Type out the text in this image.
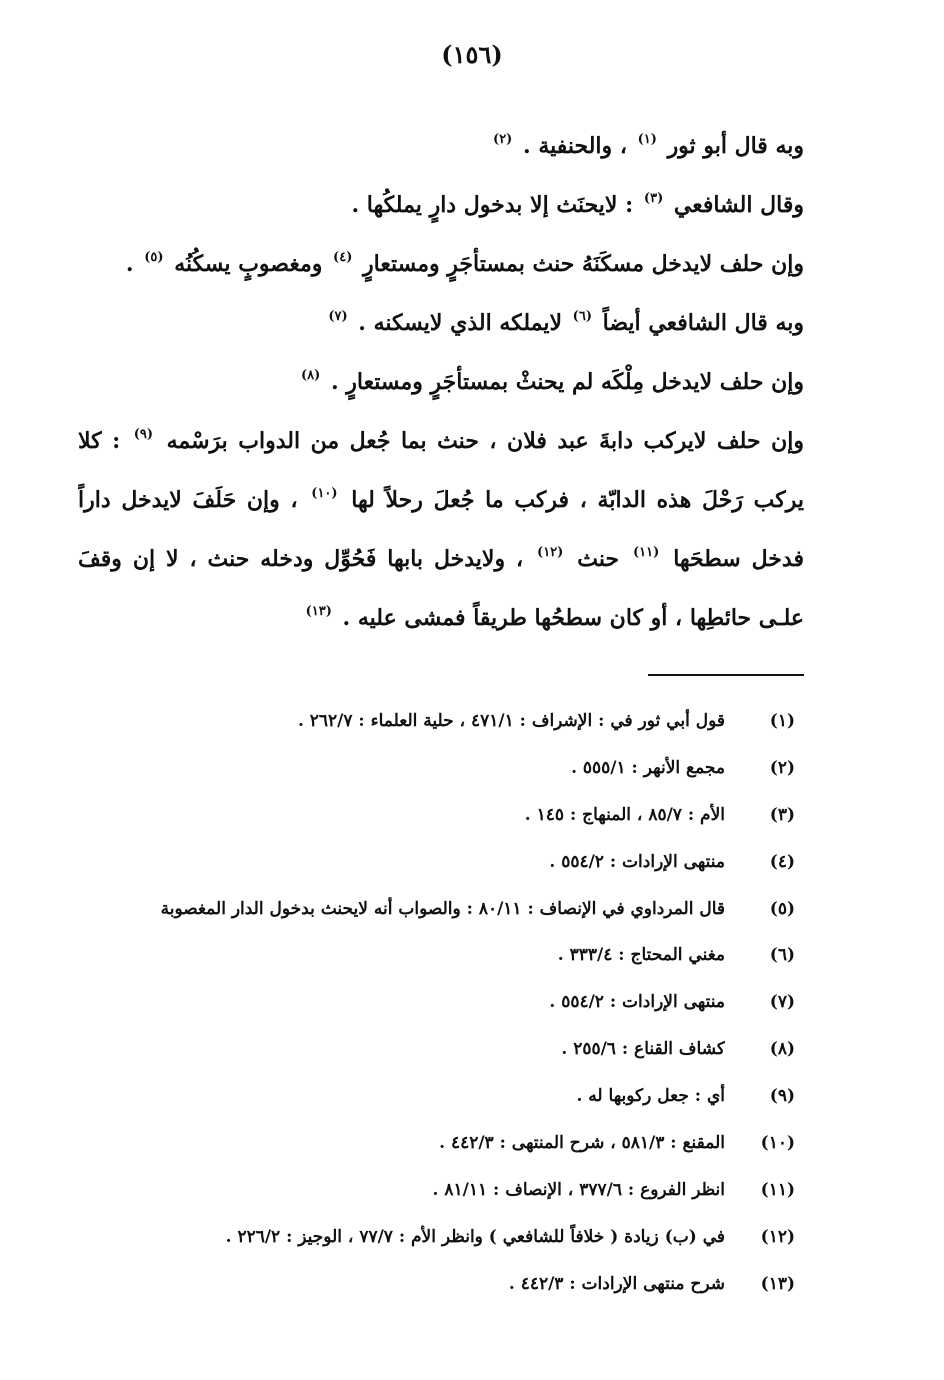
(١٥٦)
وبه قال أبو ثور $^{(١)}$ ، والحنفية . $^{(٢)}$
وقال الشافعي $^{(٣)}$ : لايحنَث إلا بدخول دارٍ يملكُها .
وإن حلف لايدخل مسكَنَهُ حنث بمستأجَرٍ ومستعارٍ $^{(٤)}$ ومغصوبٍ يسكُنُه $^{(٥)}$ .
وبه قال الشافعي أيضاً $^{(٦)}$ لايملكه الذي لايسكنه . $^{(٧)}$
وإن حلف لايدخل مِلْكَه لم يحنثْ بمستأجَرٍ ومستعارٍ . $^{(٨)}$
وإن حلف لايركب دابةَ عبد فلان ، حنث بما جُعل من الدواب برَسْمه $^{(٩)}$ : كلا
يركب رَحْلَ هذه الدابّة ، فركب ما جُعلَ رحلاً لها $^{(١٠)}$ ، وإن حَلَفَ لايدخل داراً
فدخل سطحَها $^{(١١)}$ حنث $^{(١٢)}$ ، ولايدخل بابها فَحُوِّل ودخله حنث ، لا إن وقفَ
علـى حائطِها ، أو كان سطحُها طريقاً فمشى عليه . $^{(١٣)}$
(١)
قول أبي ثور في : الإشراف : ٤٧١/١ ، حلية العلماء : ٢٦٢/٧ .
(٢)
مجمع الأنهر : ٥٥٥/١ .
(٣)
الأم : ٨٥/٧ ، المنهاج : ١٤٥ .
(٤)
منتهى الإرادات : ٥٥٤/٢ .
(٥)
قال المرداوي في الإنصاف : ٨٠/١١ : والصواب أنه لايحنث بدخول الدار المغصوبة
(٦)
مغني المحتاج : ٣٣٣/٤ .
(٧)
منتهى الإرادات : ٥٥٤/٢ .
(٨)
كشاف القناع : ٢٥٥/٦ .
(٩)
أي : جعل ركوبها له .
(١٠)
المقنع : ٥٨١/٣ ، شرح المنتهى : ٤٤٢/٣ .
(١١)
انظر الفروع : ٣٧٧/٦ ، الإنصاف : ٨١/١١ .
(١٢)
في (ب) زيادة ( خلافاً للشافعي ) وانظر الأم : ٧٧/٧ ، الوجيز : ٢٢٦/٢ .
(١٣)
شرح منتهى الإرادات : ٤٤٢/٣ .
